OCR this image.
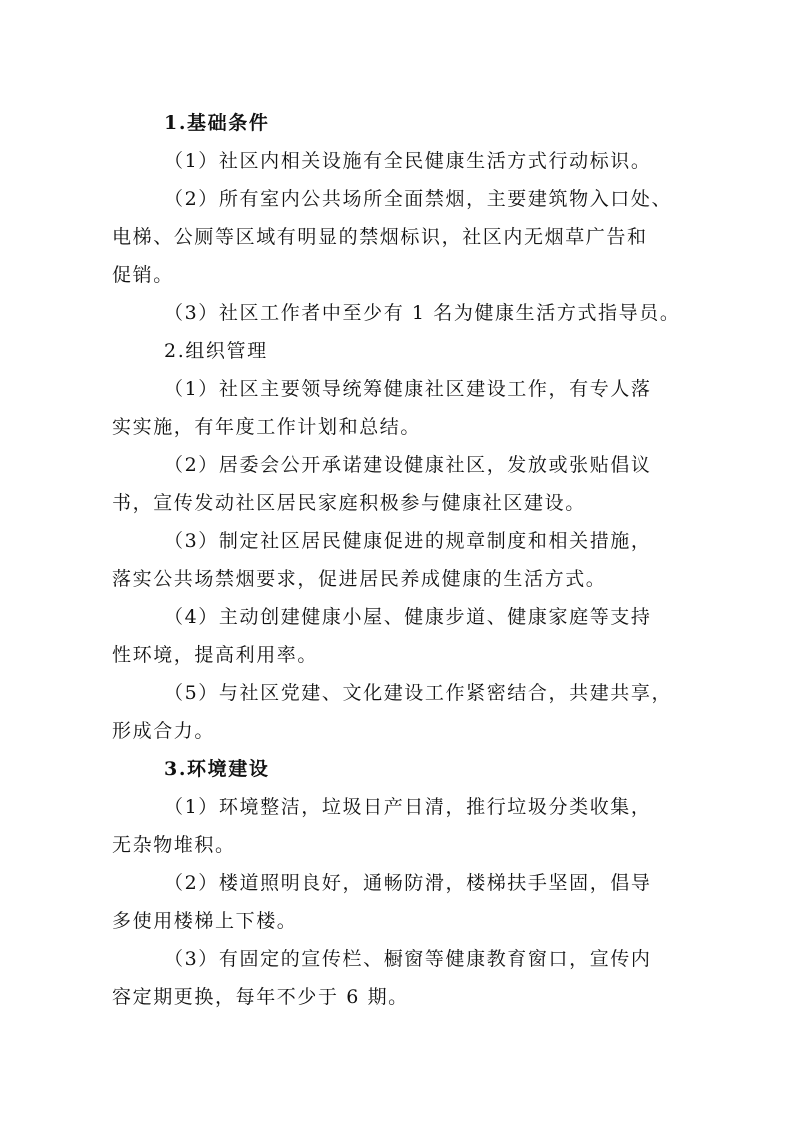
1.基础条件
（1）社区内相关设施有全民健康生活方式行动标识。
（2）所有室内公共场所全面禁烟，主要建筑物入口处、
电梯、公厕等区域有明显的禁烟标识，社区内无烟草广告和
促销。
（3）社区工作者中至少有 1 名为健康生活方式指导员。
2.组织管理
（1）社区主要领导统筹健康社区建设工作，有专人落
实实施，有年度工作计划和总结。
（2）居委会公开承诺建设健康社区，发放或张贴倡议
书，宣传发动社区居民家庭积极参与健康社区建设。
（3）制定社区居民健康促进的规章制度和相关措施，
落实公共场禁烟要求，促进居民养成健康的生活方式。
（4）主动创建健康小屋、健康步道、健康家庭等支持
性环境，提高利用率。
（5）与社区党建、文化建设工作紧密结合，共建共享，
形成合力。
3.环境建设
（1）环境整洁，垃圾日产日清，推行垃圾分类收集，
无杂物堆积。
（2）楼道照明良好，通畅防滑，楼梯扶手坚固，倡导
多使用楼梯上下楼。
（3）有固定的宣传栏、橱窗等健康教育窗口，宣传内
容定期更换，每年不少于 6 期。
